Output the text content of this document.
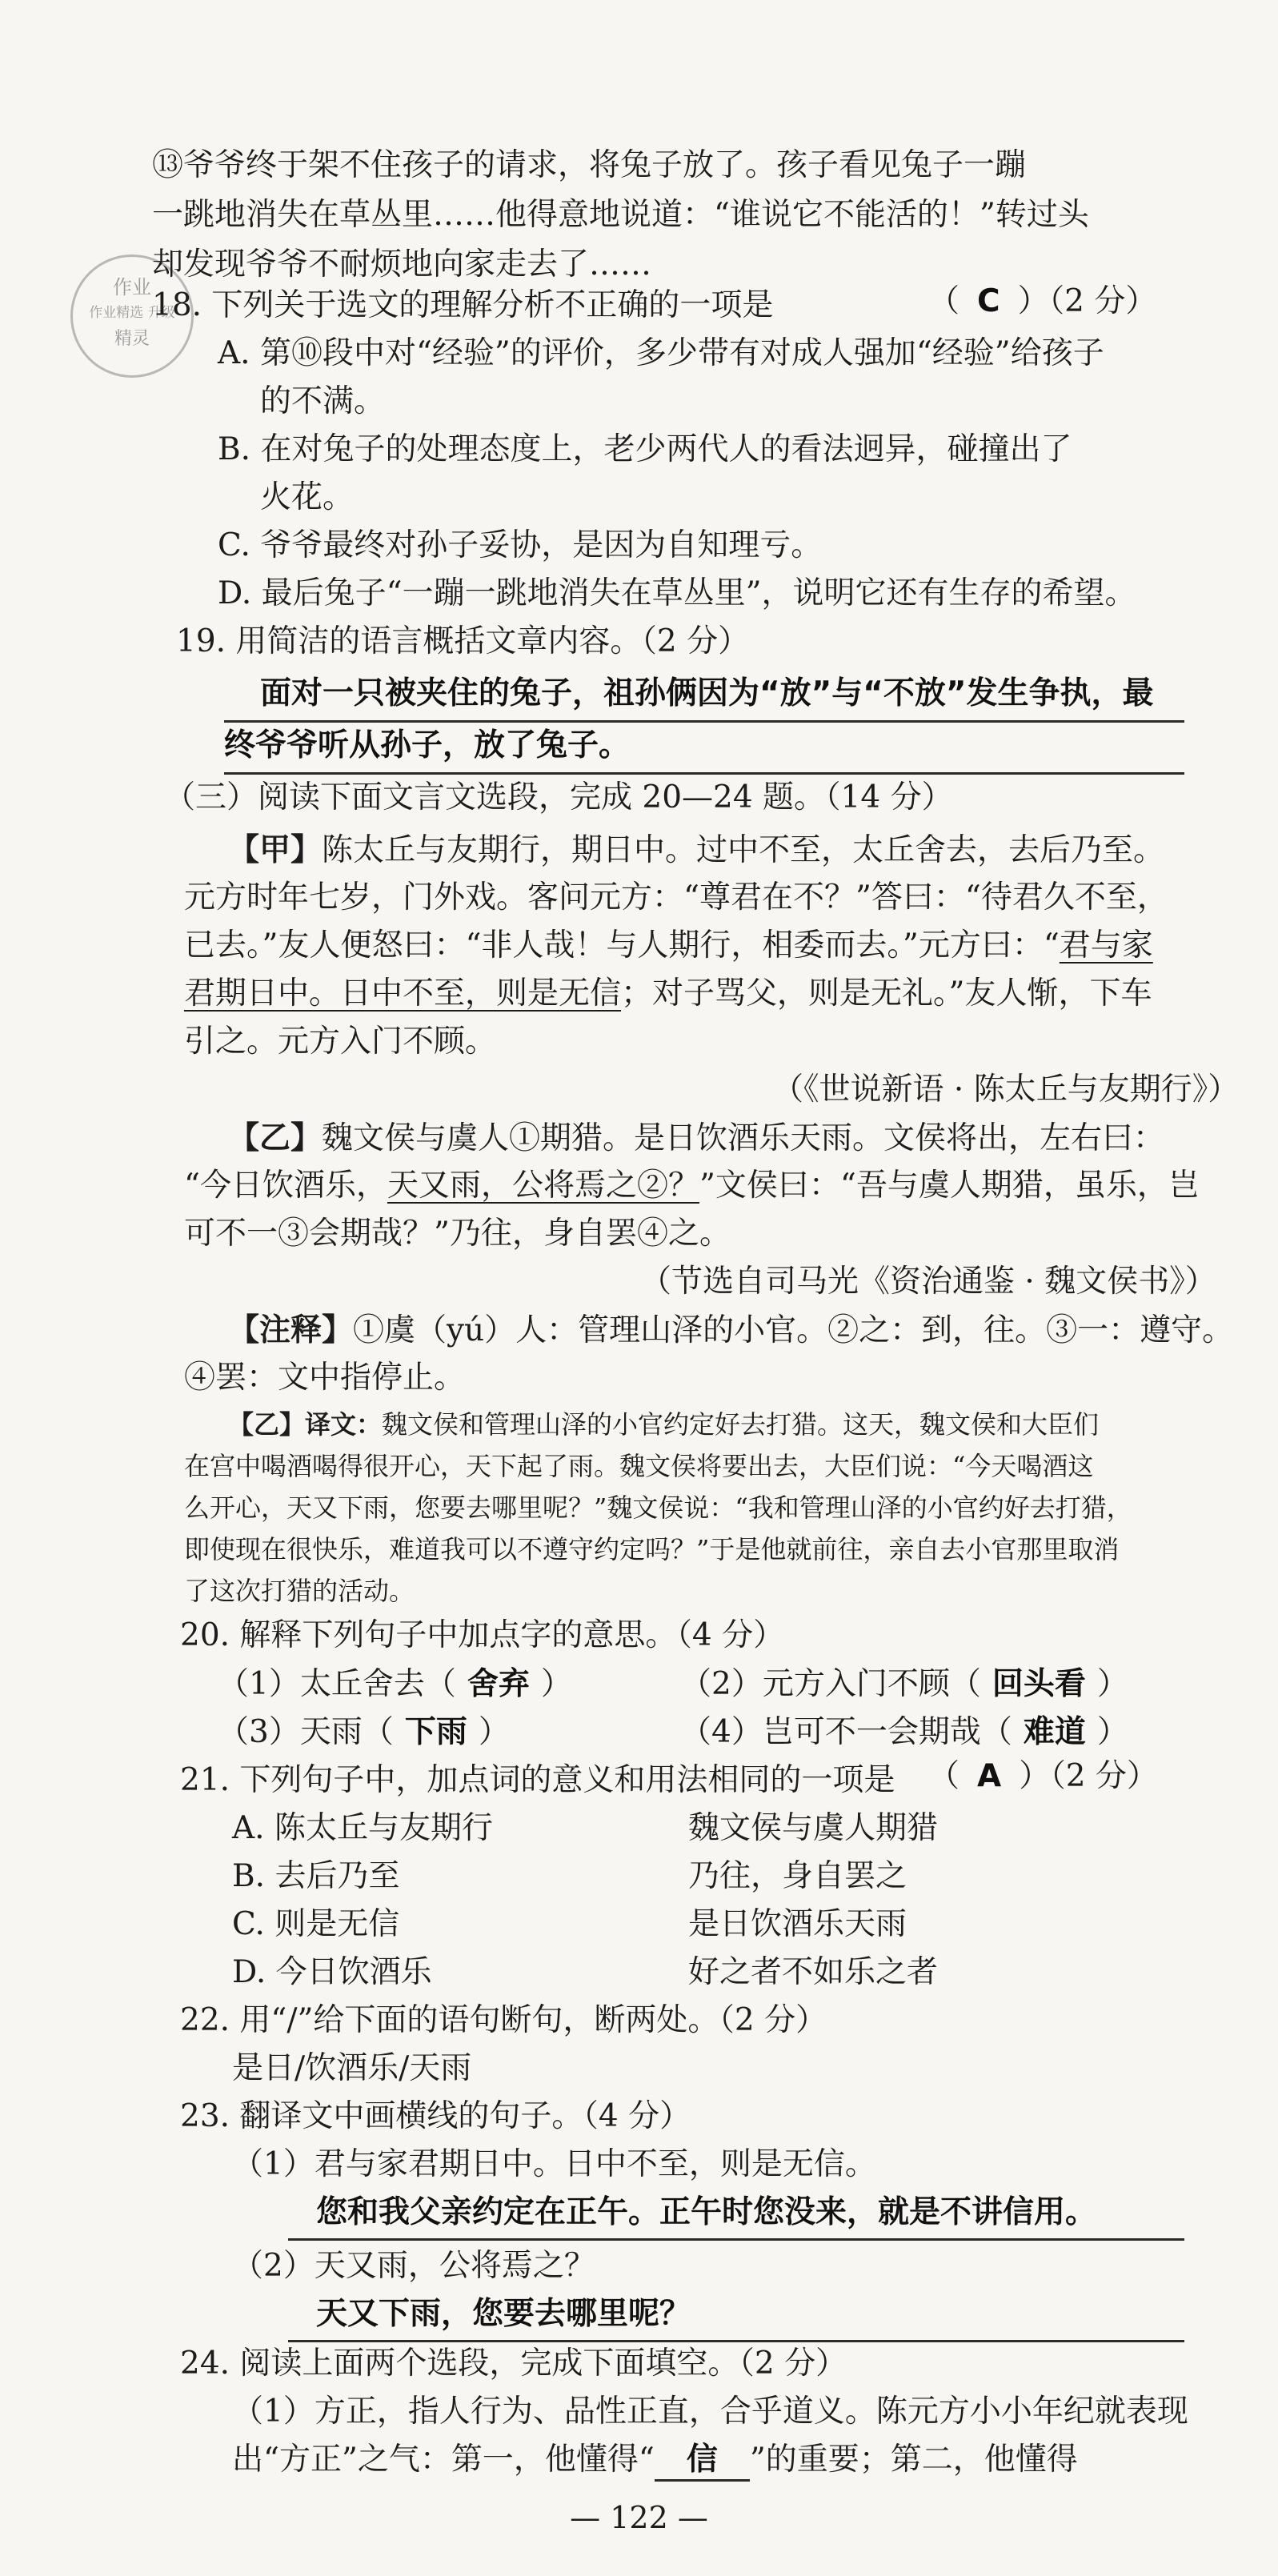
作业
作业精选 升级
精灵
⑬爷爷终于架不住孩子的请求，将兔子放了。孩子看见兔子一蹦
一跳地消失在草丛里……他得意地说道：“谁说它不能活的！”转过头
却发现爷爷不耐烦地向家走去了……
18. 下列关于选文的理解分析不正确的一项是	（ C ）（2 分）
A. 第⑩段中对“经验”的评价，多少带有对成人强加“经验”给孩子
的不满。
B. 在对兔子的处理态度上，老少两代人的看法迥异，碰撞出了
火花。
C. 爷爷最终对孙子妥协，是因为自知理亏。
D. 最后兔子“一蹦一跳地消失在草丛里”，说明它还有生存的希望。
19. 用简洁的语言概括文章内容。（2 分）
面对一只被夹住的兔子，祖孙俩因为“放”与“不放”发生争执，最
终爷爷听从孙子，放了兔子。
（三）阅读下面文言文选段，完成 20—24 题。（14 分）
【甲】陈太丘与友期行，期日中。过中不至，太丘舍去，去后乃至。
元方时年七岁，门外戏。客问元方：“尊君在不？”答曰：“待君久不至，
已去。”友人便怒曰：“非人哉！与人期行，相委而去。”元方曰：“君与家
君期日中。日中不至，则是无信；对子骂父，则是无礼。”友人惭，下车
引之。元方入门不顾。
（《世说新语 · 陈太丘与友期行》）
【乙】魏文侯与虞人①期猎。是日饮酒乐天雨。文侯将出，左右曰：
“今日饮酒乐，天又雨，公将焉之②？”文侯曰：“吾与虞人期猎，虽乐，岂
可不一③会期哉？”乃往，身自罢④之。
（节选自司马光《资治通鉴 · 魏文侯书》）
【注释】①虞（yú）人：管理山泽的小官。②之：到，往。③一：遵守。
④罢：文中指停止。
【乙】译文：魏文侯和管理山泽的小官约定好去打猎。这天，魏文侯和大臣们
在宫中喝酒喝得很开心，天下起了雨。魏文侯将要出去，大臣们说：“今天喝酒这
么开心，天又下雨，您要去哪里呢？”魏文侯说：“我和管理山泽的小官约好去打猎，
即使现在很快乐，难道我可以不遵守约定吗？”于是他就前往，亲自去小官那里取消
了这次打猎的活动。
20. 解释下列句子中加点字的意思。（4 分）
（1）太丘舍去（ 舍弃 ）	（2）元方入门不顾（ 回头看 ）
（3）天雨（ 下雨 ）	（4）岂可不一会期哉（ 难道 ）
21. 下列句子中，加点词的意义和用法相同的一项是 （ A ）（2 分）
A. 陈太丘与友期行	魏文侯与虞人期猎
B. 去后乃至	乃往，身自罢之
C. 则是无信	是日饮酒乐天雨
D. 今日饮酒乐	好之者不如乐之者
22. 用“/”给下面的语句断句，断两处。（2 分）
是日/饮酒乐/天雨
23. 翻译文中画横线的句子。（4 分）
（1）君与家君期日中。日中不至，则是无信。
您和我父亲约定在正午。正午时您没来，就是不讲信用。
（2）天又雨，公将焉之？
天又下雨，您要去哪里呢？
24. 阅读上面两个选段，完成下面填空。（2 分）
（1）方正，指人行为、品性正直，合乎道义。陈元方小小年纪就表现
出“方正”之气：第一，他懂得“ 信 ”的重要；第二，他懂得
— 122 —
